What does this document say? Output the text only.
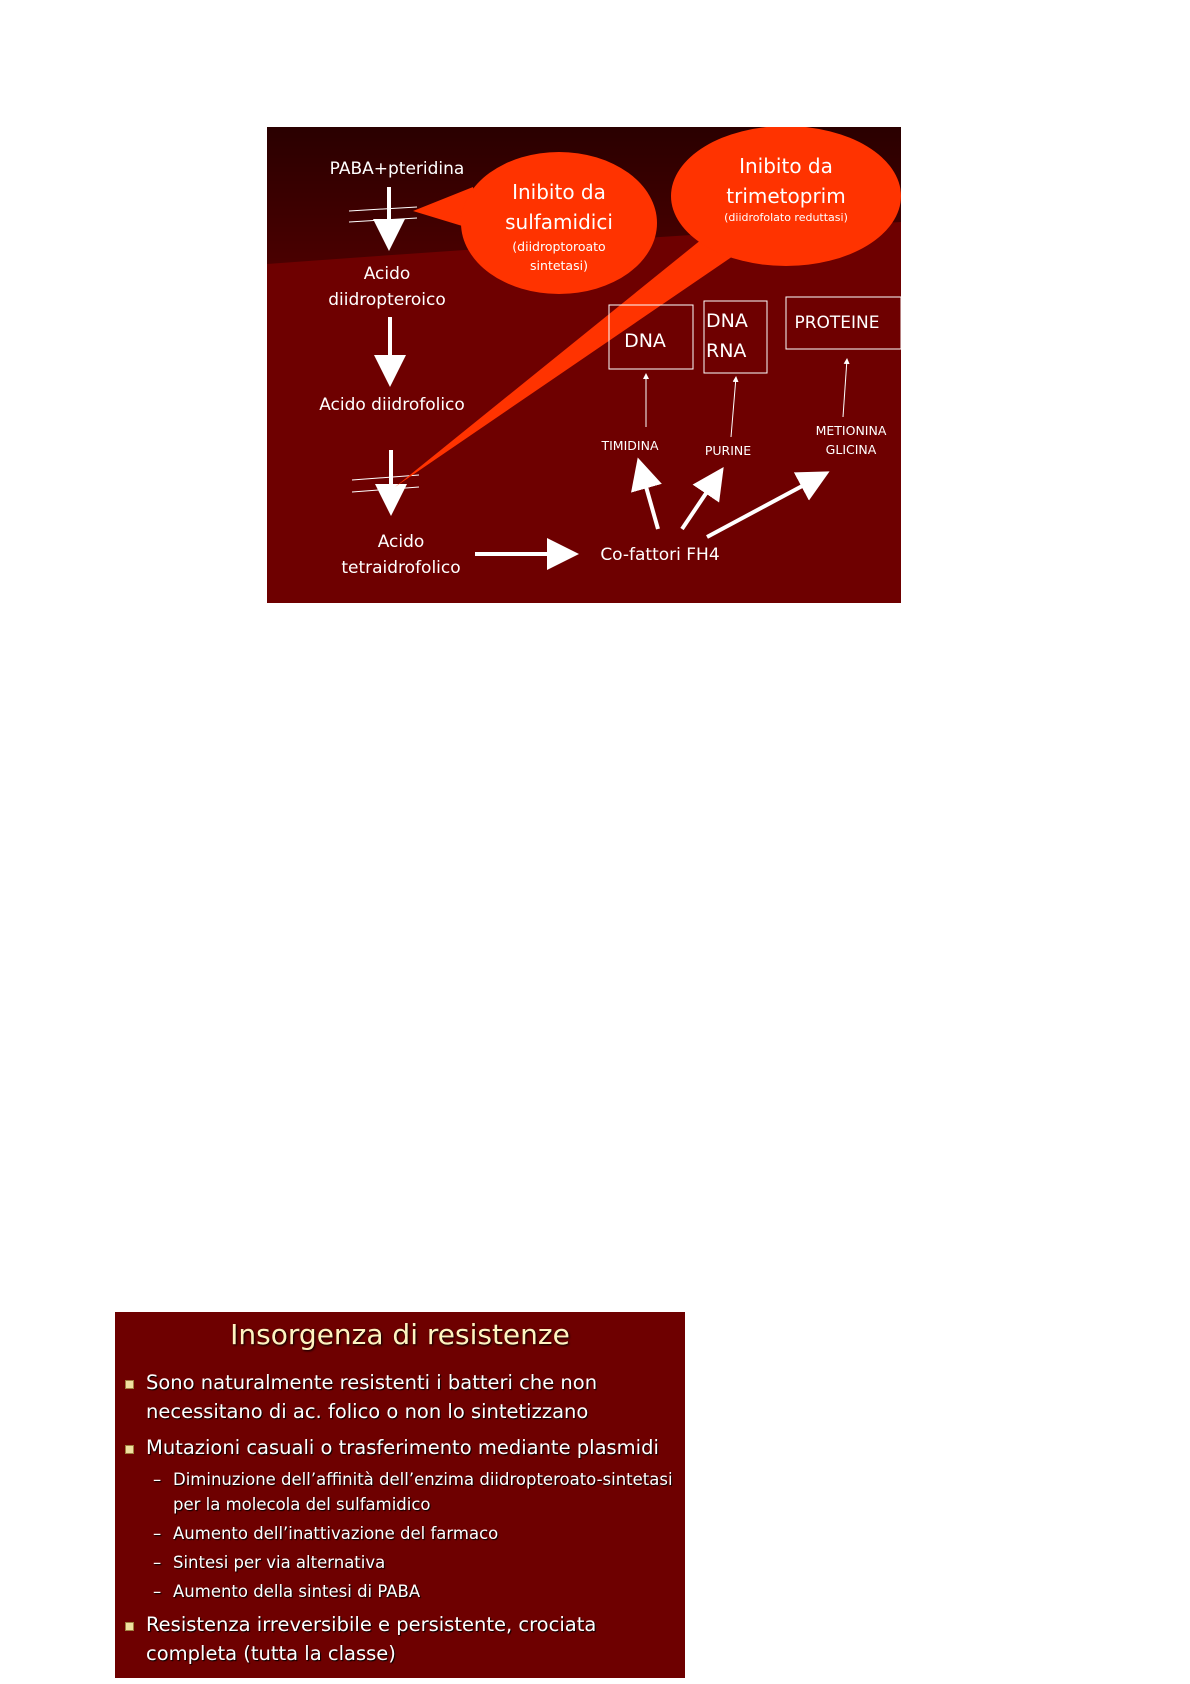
PABA+pteridina
Acido
diidropteroico
Acido diidrofolico
Acido
tetraidrofolico
Co-fattori FH4
Inibito da
sulfamidici
(diidroptoroato
sintetasi)
Inibito da
trimetoprim
(diidrofolato reduttasi)
DNA
DNA
RNA
PROTEINE
TIMIDINA	PURINE
METIONINA
GLICINA
Insorgenza di resistenze
Sono naturalmente resistenti i batteri che non
necessitano di ac. folico o non lo sintetizzano
Mutazioni casuali o trasferimento mediante plasmidi
– Diminuzione dell’affinità dell’enzima diidropteroato-sintetasi
per la molecola del sulfamidico
– Aumento dell’inattivazione del farmaco
– Sintesi per via alternativa
– Aumento della sintesi di PABA
Resistenza irreversibile e persistente, crociata
completa (tutta la classe)
